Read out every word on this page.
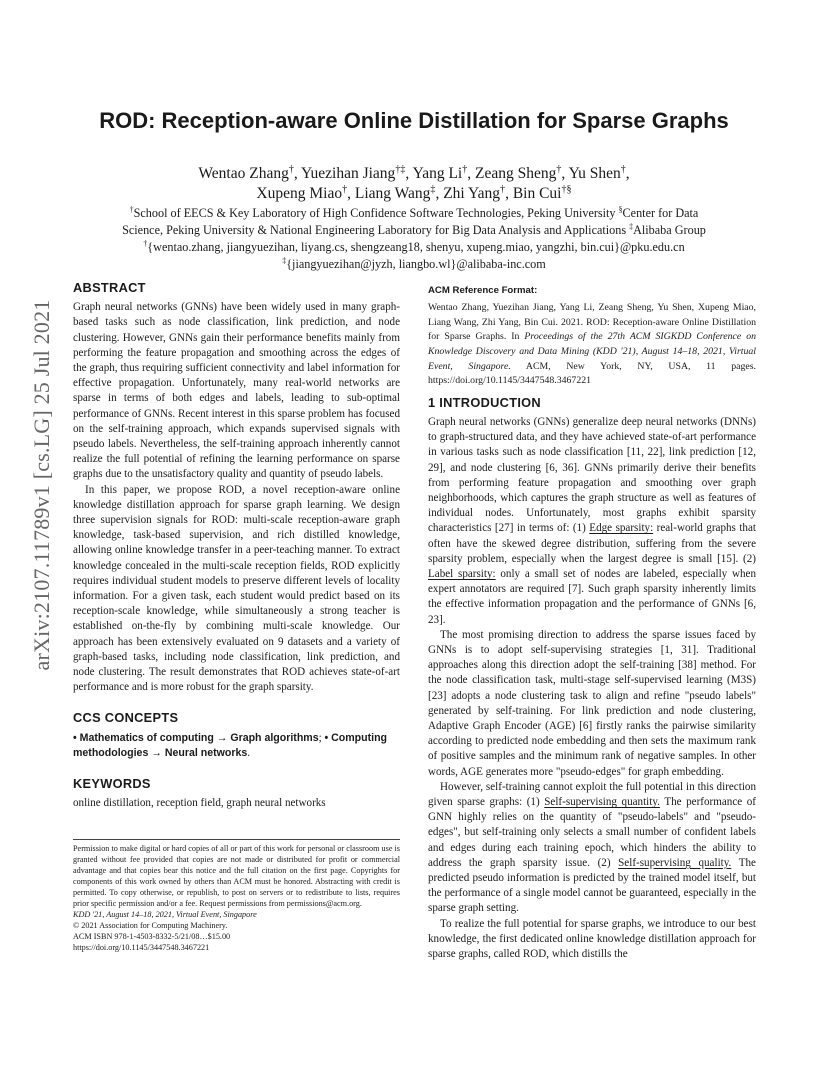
arXiv:2107.11789v1 [cs.LG] 25 Jul 2021
ROD: Reception-aware Online Distillation for Sparse Graphs
Wentao Zhang†, Yuezihan Jiang†‡, Yang Li†, Zeang Sheng†, Yu Shen†,
Xupeng Miao†, Liang Wang‡, Zhi Yang†, Bin Cui†§
†School of EECS & Key Laboratory of High Confidence Software Technologies, Peking University §Center for Data
Science, Peking University & National Engineering Laboratory for Big Data Analysis and Applications ‡Alibaba Group
†{wentao.zhang, jiangyuezihan, liyang.cs, shengzeang18, shenyu, xupeng.miao, yangzhi, bin.cui}@pku.edu.cn
‡{jiangyuezihan@jyzh, liangbo.wl}@alibaba-inc.com
ABSTRACT

Graph neural networks (GNNs) have been widely used in many graph-based tasks such as node classification, link prediction, and node clustering. However, GNNs gain their performance benefits mainly from performing the feature propagation and smoothing across the edges of the graph, thus requiring sufficient connectivity and label information for effective propagation. Unfortunately, many real-world networks are sparse in terms of both edges and labels, leading to sub-optimal performance of GNNs. Recent interest in this sparse problem has focused on the self-training approach, which expands supervised signals with pseudo labels. Nevertheless, the self-training approach inherently cannot realize the full potential of refining the learning performance on sparse graphs due to the unsatisfactory quality and quantity of pseudo labels.

In this paper, we propose ROD, a novel reception-aware online knowledge distillation approach for sparse graph learning. We design three supervision signals for ROD: multi-scale reception-aware graph knowledge, task-based supervision, and rich distilled knowledge, allowing online knowledge transfer in a peer-teaching manner. To extract knowledge concealed in the multi-scale reception fields, ROD explicitly requires individual student models to preserve different levels of locality information. For a given task, each student would predict based on its reception-scale knowledge, while simultaneously a strong teacher is established on-the-fly by combining multi-scale knowledge. Our approach has been extensively evaluated on 9 datasets and a variety of graph-based tasks, including node classification, link prediction, and node clustering. The result demonstrates that ROD achieves state-of-art performance and is more robust for the graph sparsity.

CCS CONCEPTS

• Mathematics of computing → Graph algorithms; • Computing methodologies → Neural networks.

KEYWORDS

online distillation, reception field, graph neural networks

Permission to make digital or hard copies of all or part of this work for personal or classroom use is granted without fee provided that copies are not made or distributed for profit or commercial advantage and that copies bear this notice and the full citation on the first page. Copyrights for components of this work owned by others than ACM must be honored. Abstracting with credit is permitted. To copy otherwise, or republish, to post on servers or to redistribute to lists, requires prior specific permission and/or a fee. Request permissions from permissions@acm.org.
KDD '21, August 14–18, 2021, Virtual Event, Singapore
© 2021 Association for Computing Machinery.
ACM ISBN 978-1-4503-8332-5/21/08…$15.00
https://doi.org/10.1145/3447548.3467221
ACM Reference Format:

Wentao Zhang, Yuezihan Jiang, Yang Li, Zeang Sheng, Yu Shen, Xupeng Miao, Liang Wang, Zhi Yang, Bin Cui. 2021. ROD: Reception-aware Online Distillation for Sparse Graphs. In Proceedings of the 27th ACM SIGKDD Conference on Knowledge Discovery and Data Mining (KDD '21), August 14–18, 2021, Virtual Event, Singapore. ACM, New York, NY, USA, 11 pages. https://doi.org/10.1145/3447548.3467221

1 INTRODUCTION

Graph neural networks (GNNs) generalize deep neural networks (DNNs) to graph-structured data, and they have achieved state-of-art performance in various tasks such as node classification [11, 22], link prediction [12, 29], and node clustering [6, 36]. GNNs primarily derive their benefits from performing feature propagation and smoothing over graph neighborhoods, which captures the graph structure as well as features of individual nodes. Unfortunately, most graphs exhibit sparsity characteristics [27] in terms of: (1) Edge sparsity: real-world graphs that often have the skewed degree distribution, suffering from the severe sparsity problem, especially when the largest degree is small [15]. (2) Label sparsity: only a small set of nodes are labeled, especially when expert annotators are required [7]. Such graph sparsity inherently limits the effective information propagation and the performance of GNNs [6, 23].

The most promising direction to address the sparse issues faced by GNNs is to adopt self-supervising strategies [1, 31]. Traditional approaches along this direction adopt the self-training [38] method. For the node classification task, multi-stage self-supervised learning (M3S) [23] adopts a node clustering task to align and refine "pseudo labels" generated by self-training. For link prediction and node clustering, Adaptive Graph Encoder (AGE) [6] firstly ranks the pairwise similarity according to predicted node embedding and then sets the maximum rank of positive samples and the minimum rank of negative samples. In other words, AGE generates more "pseudo-edges" for graph embedding.

However, self-training cannot exploit the full potential in this direction given sparse graphs: (1) Self-supervising quantity. The performance of GNN highly relies on the quantity of "pseudo-labels" and "pseudo-edges", but self-training only selects a small number of confident labels and edges during each training epoch, which hinders the ability to address the graph sparsity issue. (2) Self-supervising quality. The predicted pseudo information is predicted by the trained model itself, but the performance of a single model cannot be guaranteed, especially in the sparse graph setting.

To realize the full potential for sparse graphs, we introduce to our best knowledge, the first dedicated online knowledge distillation approach for sparse graphs, called ROD, which distills the
